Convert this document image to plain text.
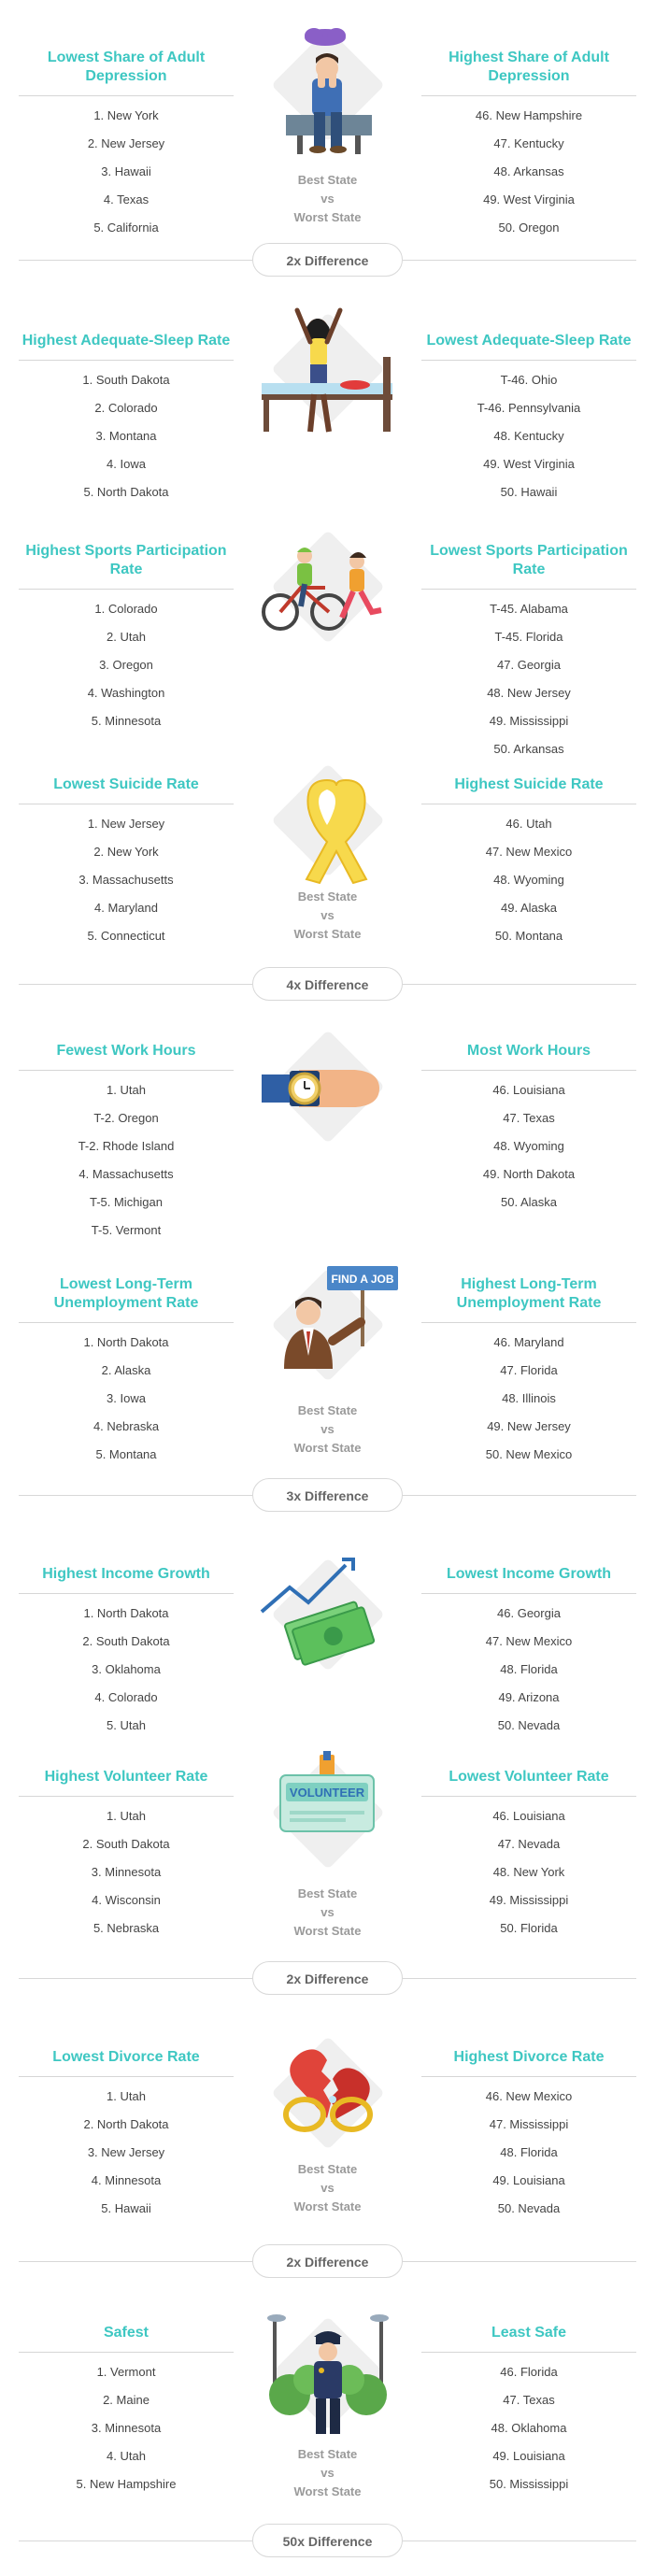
Lowest Share of Adult Depression
1. New York
2. New Jersey
3. Hawaii
4. Texas
5. California
Best State
vs
Worst State
Highest Share of Adult Depression
46. New Hampshire
47. Kentucky
48. Arkansas
49. West Virginia
50. Oregon
2x Difference
Highest Adequate-Sleep Rate
1. South Dakota
2. Colorado
3. Montana
4. Iowa
5. North Dakota
Lowest Adequate-Sleep Rate
T-46. Ohio
T-46. Pennsylvania
48. Kentucky
49. West Virginia
50. Hawaii
Highest Sports Participation Rate
1. Colorado
2. Utah
3. Oregon
4. Washington
5. Minnesota
Lowest Sports Participation Rate
T-45. Alabama
T-45. Florida
47. Georgia
48. New Jersey
49. Mississippi
50. Arkansas
Lowest Suicide Rate
1. New Jersey
2. New York
3. Massachusetts
4. Maryland
5. Connecticut
Best State
vs
Worst State
Highest Suicide Rate
46. Utah
47. New Mexico
48. Wyoming
49. Alaska
50. Montana
4x Difference
Fewest Work Hours
1. Utah
T-2. Oregon
T-2. Rhode Island
4. Massachusetts
T-5. Michigan
T-5. Vermont
Most Work Hours
46. Louisiana
47. Texas
48. Wyoming
49. North Dakota
50. Alaska
Lowest Long-Term Unemployment Rate
1. North Dakota
2. Alaska
3. Iowa
4. Nebraska
5. Montana
FIND A JOB
Best State
vs
Worst State
Highest Long-Term Unemployment Rate
46. Maryland
47. Florida
48. Illinois
49. New Jersey
50. New Mexico
3x Difference
Highest Income Growth
1. North Dakota
2. South Dakota
3. Oklahoma
4. Colorado
5. Utah
Lowest Income Growth
46. Georgia
47. New Mexico
48. Florida
49. Arizona
50. Nevada
Highest Volunteer Rate
1. Utah
2. South Dakota
3. Minnesota
4. Wisconsin
5. Nebraska
VOLUNTEER
Best State
vs
Worst State
Lowest Volunteer Rate
46. Louisiana
47. Nevada
48. New York
49. Mississippi
50. Florida
2x Difference
Lowest Divorce Rate
1. Utah
2. North Dakota
3. New Jersey
4. Minnesota
5. Hawaii
Best State
vs
Worst State
Highest Divorce Rate
46. New Mexico
47. Mississippi
48. Florida
49. Louisiana
50. Nevada
2x Difference
Safest
1. Vermont
2. Maine
3. Minnesota
4. Utah
5. New Hampshire
Best State
vs
Worst State
Least Safe
46. Florida
47. Texas
48. Oklahoma
49. Louisiana
50. Mississippi
50x Difference
